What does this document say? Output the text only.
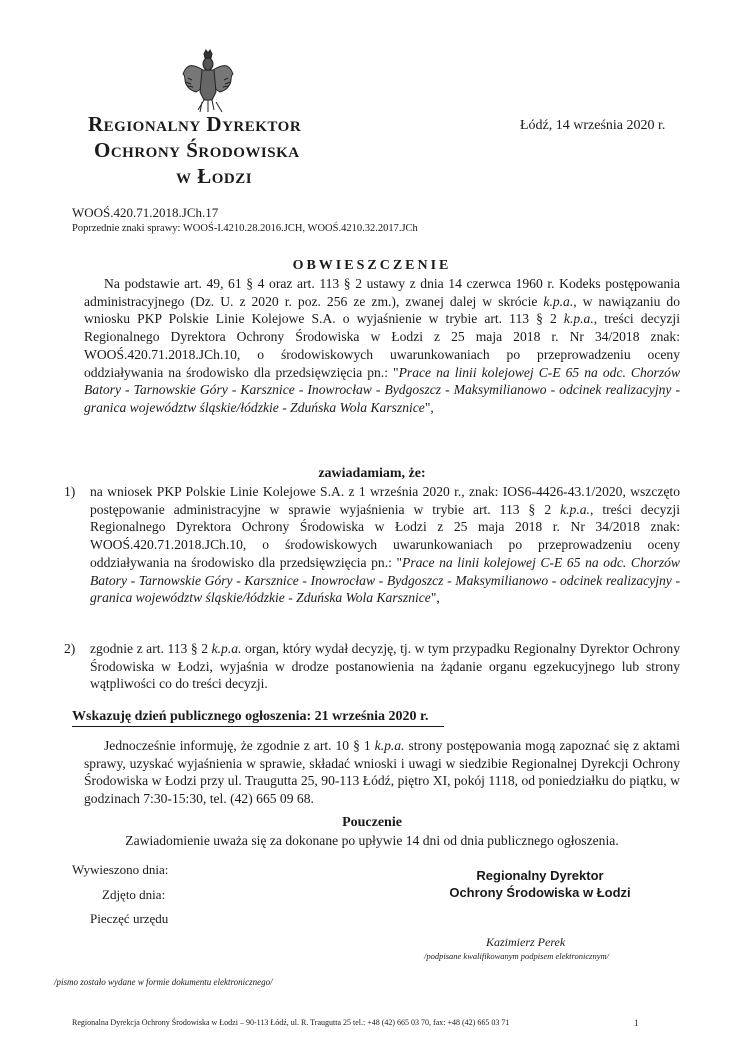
Regionalny Dyrektor
Ochrony Środowiska
w Łodzi
Łódź, 14 września 2020 r.
WOOŚ.420.71.2018.JCh.17
Poprzednie znaki sprawy: WOOŚ-I.4210.28.2016.JCH, WOOŚ.4210.32.2017.JCh
OBWIESZCZENIE
Na podstawie art. 49, 61 § 4 oraz art. 113 § 2 ustawy z dnia 14 czerwca 1960 r. Kodeks postępowania administracyjnego (Dz. U. z 2020 r. poz. 256 ze zm.), zwanej dalej w skrócie k.p.a., w nawiązaniu do wniosku PKP Polskie Linie Kolejowe S.A. o wyjaśnienie w trybie art. 113 § 2 k.p.a., treści decyzji Regionalnego Dyrektora Ochrony Środowiska w Łodzi z 25 maja 2018 r. Nr 34/2018 znak: WOOŚ.420.71.2018.JCh.10, o środowiskowych uwarunkowaniach po przeprowadzeniu oceny oddziaływania na środowisko dla przedsięwzięcia pn.: "Prace na linii kolejowej C-E 65 na odc. Chorzów Batory - Tarnowskie Góry - Karsznice - Inowrocław - Bydgoszcz - Maksymilianowo - odcinek realizacyjny - granica województw śląskie/łódzkie - Zduńska Wola Karsznice",
zawiadamiam, że:
1) na wniosek PKP Polskie Linie Kolejowe S.A. z 1 września 2020 r., znak: IOS6-4426-43.1/2020, wszczęto postępowanie administracyjne w sprawie wyjaśnienia w trybie art. 113 § 2 k.p.a., treści decyzji Regionalnego Dyrektora Ochrony Środowiska w Łodzi z 25 maja 2018 r. Nr 34/2018 znak: WOOŚ.420.71.2018.JCh.10, o środowiskowych uwarunkowaniach po przeprowadzeniu oceny oddziaływania na środowisko dla przedsięwzięcia pn.: "Prace na linii kolejowej C-E 65 na odc. Chorzów Batory - Tarnowskie Góry - Karsznice - Inowrocław - Bydgoszcz - Maksymilianowo - odcinek realizacyjny - granica województw śląskie/łódzkie - Zduńska Wola Karsznice",
2) zgodnie z art. 113 § 2 k.p.a. organ, który wydał decyzję, tj. w tym przypadku Regionalny Dyrektor Ochrony Środowiska w Łodzi, wyjaśnia w drodze postanowienia na żądanie organu egzekucyjnego lub strony wątpliwości co do treści decyzji.
Wskazuję dzień publicznego ogłoszenia: 21 września 2020 r.
Jednocześnie informuję, że zgodnie z art. 10 § 1 k.p.a. strony postępowania mogą zapoznać się z aktami sprawy, uzyskać wyjaśnienia w sprawie, składać wnioski i uwagi w siedzibie Regionalnej Dyrekcji Ochrony Środowiska w Łodzi przy ul. Traugutta 25, 90-113 Łódź, piętro XI, pokój 1118, od poniedziałku do piątku, w godzinach 7:30-15:30, tel. (42) 665 09 68.
Pouczenie
Zawiadomienie uważa się za dokonane po upływie 14 dni od dnia publicznego ogłoszenia.
Wywieszono dnia:
Zdjęto dnia:
Pieczęć urzędu
Regionalny Dyrektor
Ochrony Środowiska w Łodzi
Kazimierz Perek
/podpisane kwalifikowanym podpisem elektronicznym/
/pismo zostało wydane w formie dokumentu elektronicznego/
Regionalna Dyrekcja Ochrony Środowiska w Łodzi – 90-113 Łódź, ul. R. Traugutta 25 tel.: +48 (42) 665 03 70, fax: +48 (42) 665 03 71	1
